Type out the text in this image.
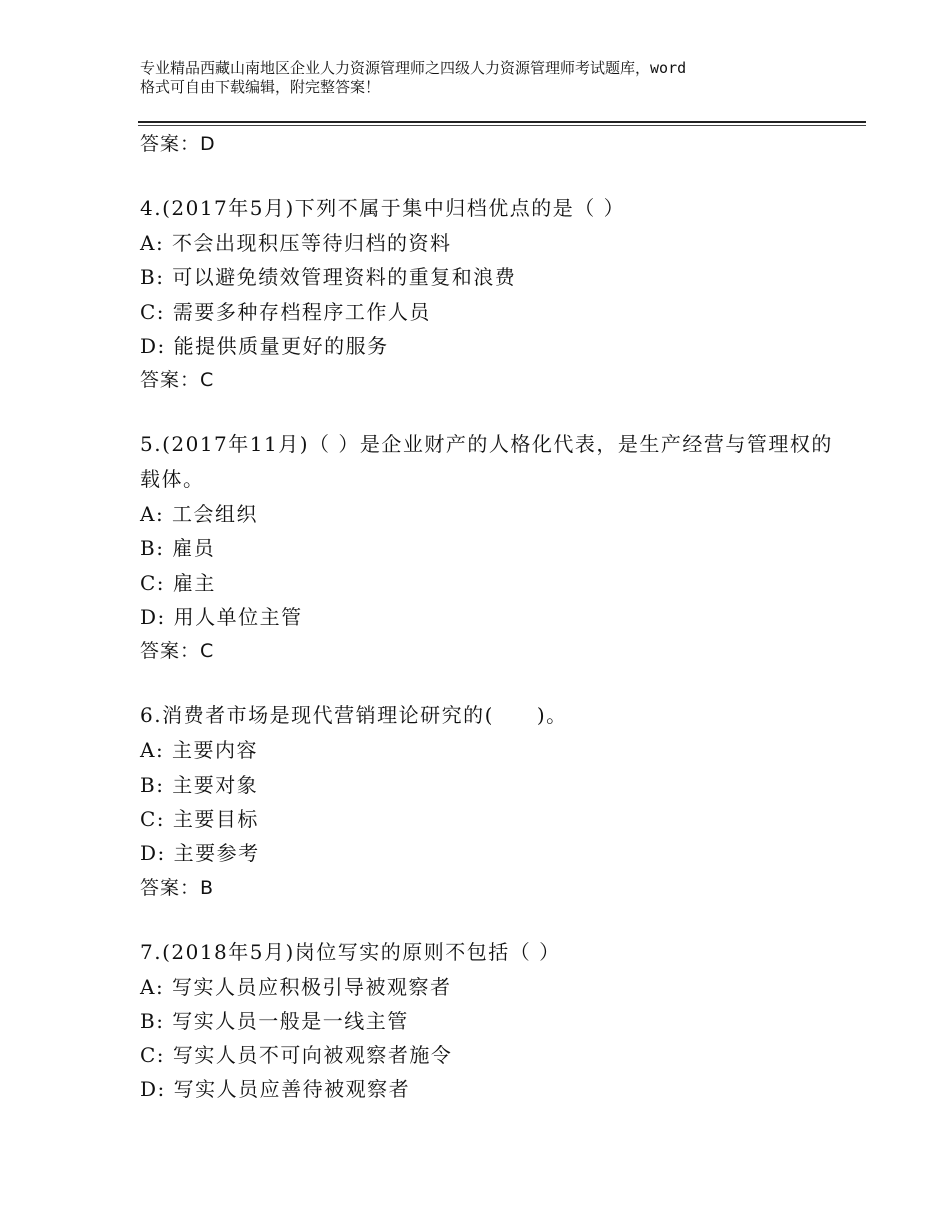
专业精品西藏山南地区企业人力资源管理师之四级人力资源管理师考试题库，word
格式可自由下载编辑，附完整答案！
答案：D
4.(2017年5月)下列不属于集中归档优点的是（ ）
A: 不会出现积压等待归档的资料
B: 可以避免绩效管理资料的重复和浪费
C: 需要多种存档程序工作人员
D: 能提供质量更好的服务
答案：C
5.(2017年11月)（ ）是企业财产的人格化代表，是生产经营与管理权的载体。
A: 工会组织
B: 雇员
C: 雇主
D: 用人单位主管
答案：C
6.消费者市场是现代营销理论研究的(　　)。
A: 主要内容
B: 主要对象
C: 主要目标
D: 主要参考
答案：B
7.(2018年5月)岗位写实的原则不包括（ ）
A: 写实人员应积极引导被观察者
B: 写实人员一般是一线主管
C: 写实人员不可向被观察者施令
D: 写实人员应善待被观察者
